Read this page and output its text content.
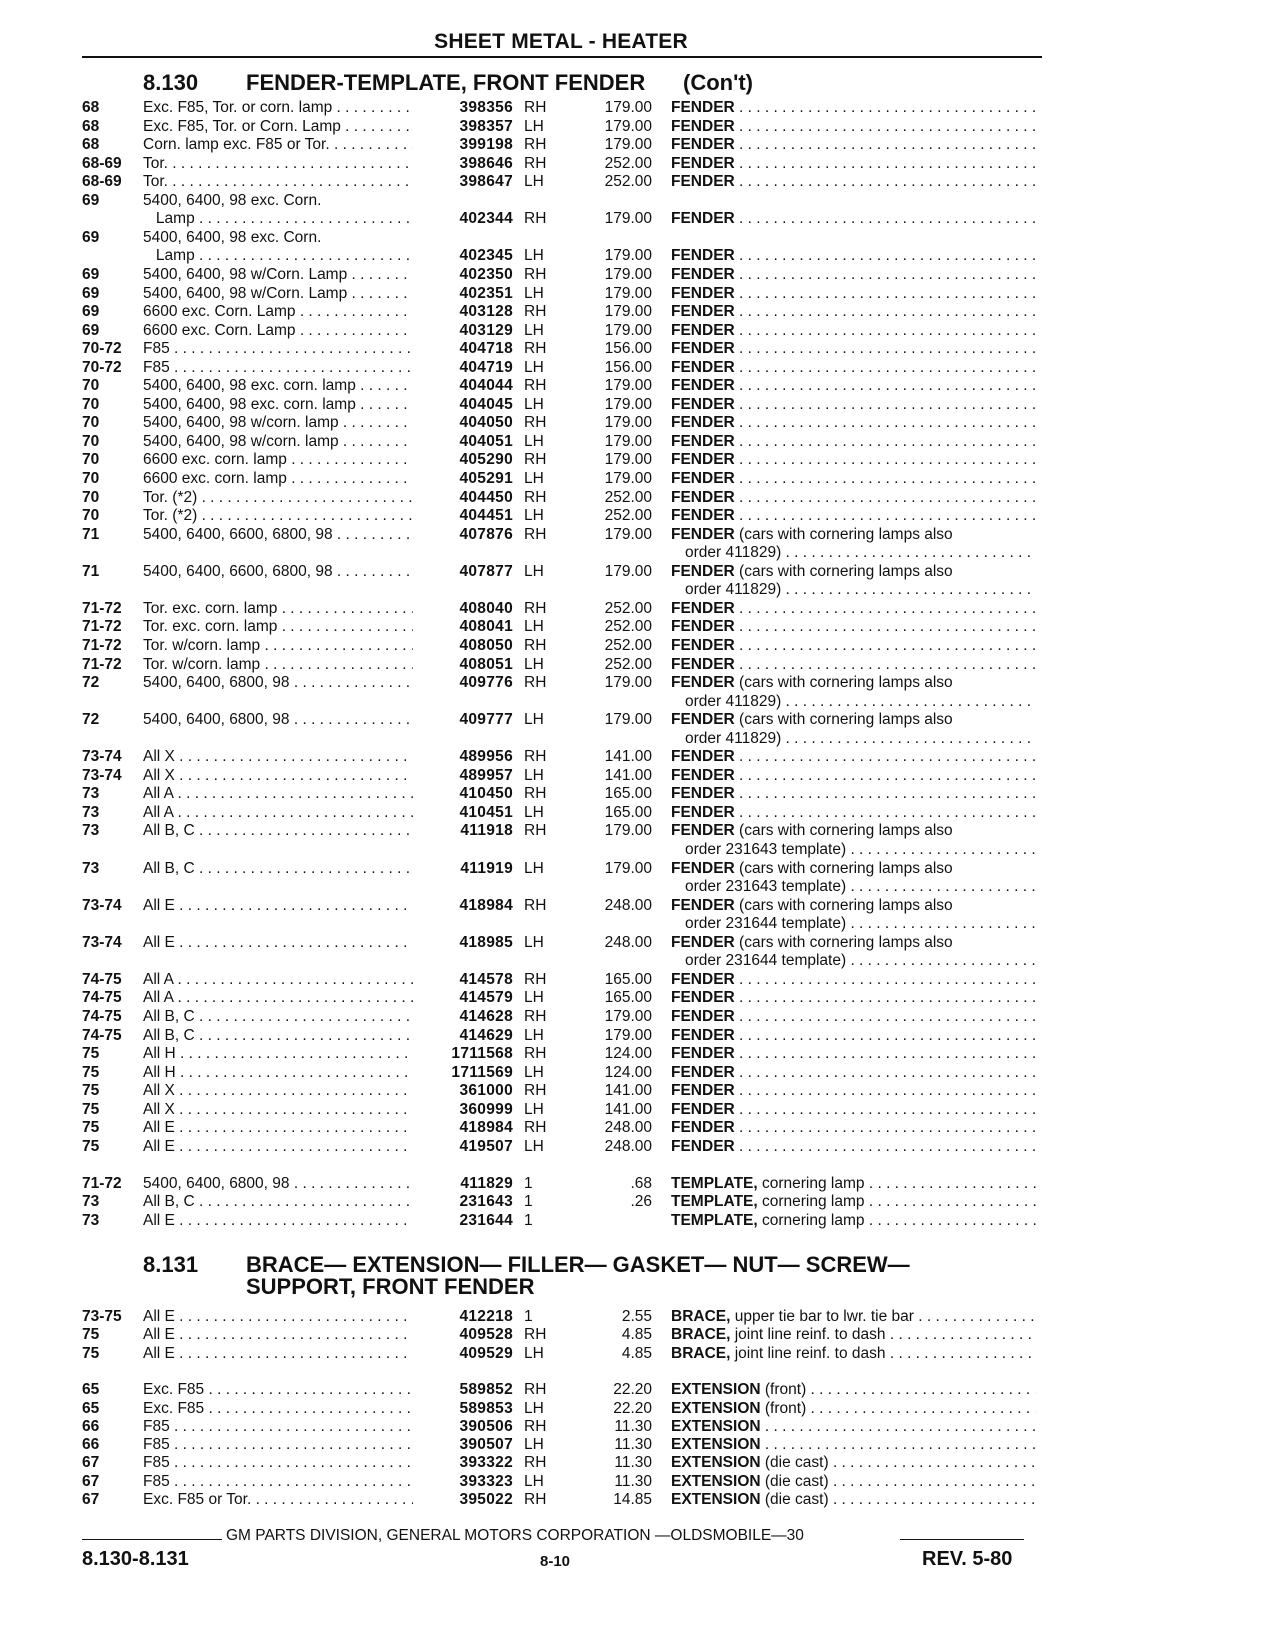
SHEET METAL - HEATER
8.130 FENDER-TEMPLATE, FRONT FENDER (Con't)
68	Exc. F85, Tor. or corn. lamp . . .	398356 RH	179.00 FENDER . . .
68	Exc. F85, Tor. or Corn. Lamp . . .	398357 LH	179.00 FENDER . . .
68	Corn. lamp exc. F85 or Tor. . . .	399198 RH	179.00 FENDER . . .
68-69 Tor. . . .	398646 RH	252.00 FENDER . . .
68-69 Tor. . . .	398647 LH	252.00 FENDER . . .
69	5400, 6400, 98 exc. Corn.
Lamp . . .	402344 RH	179.00 FENDER . . .
69	5400, 6400, 98 exc. Corn.
Lamp . . .	402345 LH	179.00 FENDER . . .
69	5400, 6400, 98 w/Corn. Lamp . . .	402350 RH	179.00 FENDER . . .
69	5400, 6400, 98 w/Corn. Lamp . . .	402351 LH	179.00 FENDER . . .
69	6600 exc. Corn. Lamp . . .	403128 RH	179.00 FENDER . . .
69	6600 exc. Corn. Lamp . . .	403129 LH	179.00 FENDER . . .
70-72 F85 . . .	404718 RH	156.00 FENDER . . .
70-72 F85 . . .	404719 LH	156.00 FENDER . . .
70	5400, 6400, 98 exc. corn. lamp . . .	404044 RH	179.00 FENDER . . .
70	5400, 6400, 98 exc. corn. lamp . . .	404045 LH	179.00 FENDER . . .
70	5400, 6400, 98 w/corn. lamp . . .	404050 RH	179.00 FENDER . . .
70	5400, 6400, 98 w/corn. lamp . . .	404051 LH	179.00 FENDER . . .
70	6600 exc. corn. lamp . . .	405290 RH	179.00 FENDER . . .
70	6600 exc. corn. lamp . . .	405291 LH	179.00 FENDER . . .
70	Tor. (*2) . . .	404450 RH	252.00 FENDER . . .
70	Tor. (*2) . . .	404451 LH	252.00 FENDER . . .
71	5400, 6400, 6600, 6800, 98 . . .	407876 RH	179.00 FENDER (cars with cornering lamps also
order 411829) . . .
71	5400, 6400, 6600, 6800, 98 . . .	407877 LH	179.00 FENDER (cars with cornering lamps also
order 411829) . . .
71-72 Tor. exc. corn. lamp . . .	408040 RH	252.00 FENDER . . .
71-72 Tor. exc. corn. lamp . . .	408041 LH	252.00 FENDER . . .
71-72 Tor. w/corn. lamp . . .	408050 RH	252.00 FENDER . . .
71-72 Tor. w/corn. lamp . . .	408051 LH	252.00 FENDER . . .
72	5400, 6400, 6800, 98 . . .	409776 RH	179.00 FENDER (cars with cornering lamps also
order 411829) . . .
72	5400, 6400, 6800, 98 . . .	409777 LH	179.00 FENDER (cars with cornering lamps also
order 411829) . . .
73-74 All X . . .	489956 RH	141.00 FENDER . . .
73-74 All X . . .	489957 LH	141.00 FENDER . . .
73	All A . . .	410450 RH	165.00 FENDER . . .
73	All A . . .	410451 LH	165.00 FENDER . . .
73	All B, C . . .	411918 RH	179.00 FENDER (cars with cornering lamps also
order 231643 template) . . .
73	All B, C . . .	411919 LH	179.00 FENDER (cars with cornering lamps also
order 231643 template) . . .
73-74 All E . . .	418984 RH	248.00 FENDER (cars with cornering lamps also
order 231644 template) . . .
73-74 All E . . .	418985 LH	248.00 FENDER (cars with cornering lamps also
order 231644 template) . . .
74-75 All A . . .	414578 RH	165.00 FENDER . . .
74-75 All A . . .	414579 LH	165.00 FENDER . . .
74-75 All B, C . . .	414628 RH	179.00 FENDER . . .
74-75 All B, C . . .	414629 LH	179.00 FENDER . . .
75	All H . . .	1711568 RH	124.00 FENDER . . .
75	All H . . .	1711569 LH	124.00 FENDER . . .
75	All X . . .	361000 RH	141.00 FENDER . . .
75	All X . . .	360999 LH	141.00 FENDER . . .
75	All E . . .	418984 RH	248.00 FENDER . . .
75	All E . . .	419507 LH	248.00 FENDER . . .
71-72 5400, 6400, 6800, 98 . . .	411829 1	.68 TEMPLATE, cornering lamp . . .
73	All B, C . . .	231643 1	.26 TEMPLATE, cornering lamp . . .
73	All E . . .	231644 1	TEMPLATE, cornering lamp . . .
8.131 BRACE— EXTENSION— FILLER— GASKET— NUT— SCREW—
SUPPORT, FRONT FENDER
73-75 All E . . .	412218 1	2.55 BRACE, upper tie bar to lwr. tie bar . . .
75	All E . . .	409528 RH	4.85 BRACE, joint line reinf. to dash . . .
75	All E . . .	409529 LH	4.85 BRACE, joint line reinf. to dash . . .
65	Exc. F85 . . .	589852 RH	22.20 EXTENSION (front) . . .
65	Exc. F85 . . .	589853 LH	22.20 EXTENSION (front) . . .
66	F85 . . .	390506 RH	11.30 EXTENSION . . .
66	F85 . . .	390507 LH	11.30 EXTENSION . . .
67	F85 . . .	393322 RH	11.30 EXTENSION (die cast) . . .
67	F85 . . .	393323 LH	11.30 EXTENSION (die cast) . . .
67	Exc. F85 or Tor. . . .	395022 RH	14.85 EXTENSION (die cast) . . .
GM PARTS DIVISION, GENERAL MOTORS CORPORATION —OLDSMOBILE—30
8.130-8.131	8-10	REV. 5-80
